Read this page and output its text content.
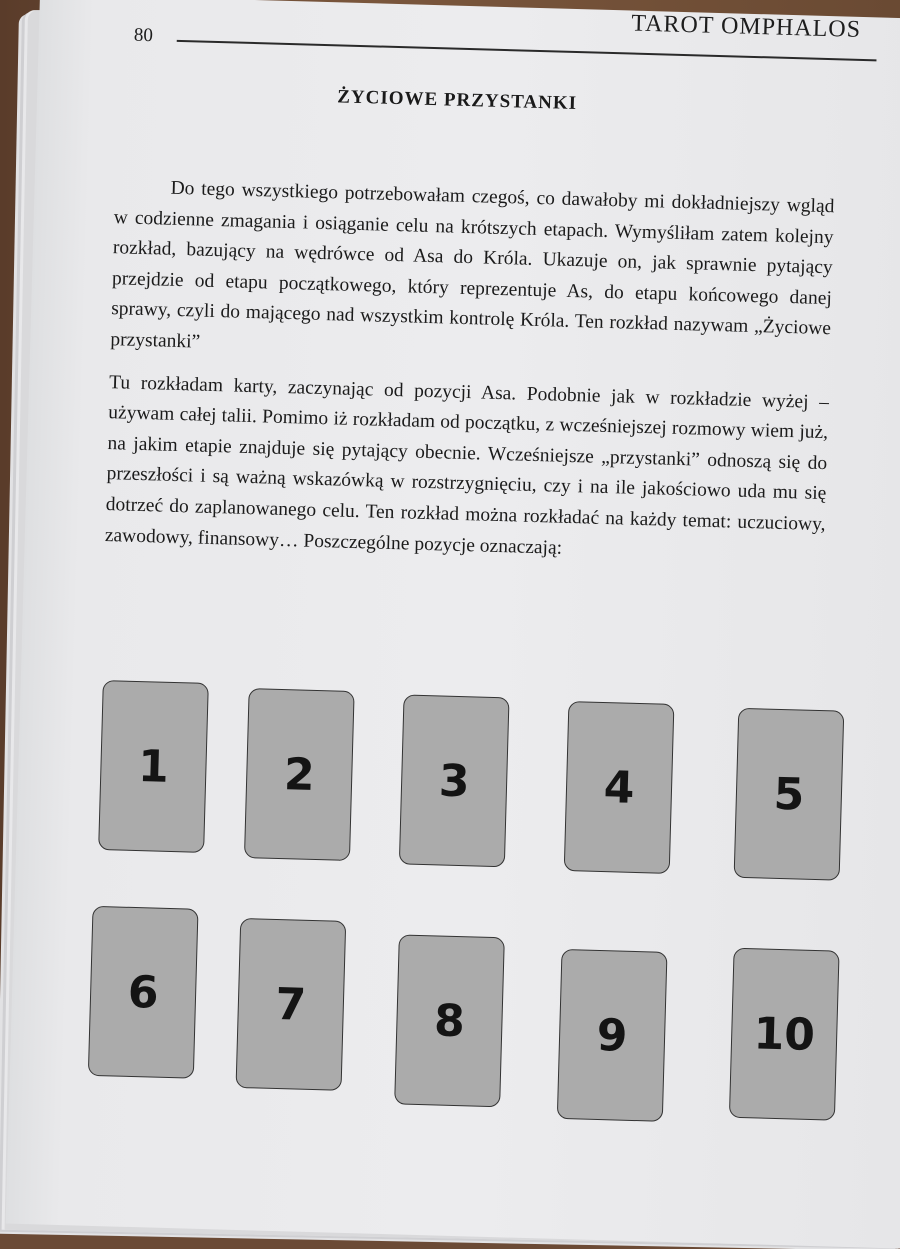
TAROT OMPHALOS
80
ŻYCIOWE PRZYSTANKI

Do tego wszystkiego potrzebowałam czegoś, co dawałoby mi dokładniejszy wgląd w codzienne zmagania i osiąganie celu na krótszych etapach. Wymyśliłam zatem kolejny rozkład, bazujący na wędrówce od Asa do Króla. Ukazuje on, jak sprawnie pytający przejdzie od etapu początkowego, który reprezentuje As, do etapu końcowego danej sprawy, czyli do mającego nad wszystkim kontrolę Króla. Ten rozkład nazywam „Życiowe przystanki”

Tu rozkładam karty, zaczynając od pozycji Asa. Podobnie jak w rozkładzie wyżej – używam całej talii. Pomimo iż rozkładam od początku, z wcześniejszej rozmowy wiem już, na jakim etapie znajduje się pytający obecnie. Wcześniejsze „przystanki” odnoszą się do przeszłości i są ważną wskazówką w rozstrzygnięciu, czy i na ile jakościowo uda mu się dotrzeć do zaplanowanego celu. Ten rozkład można rozkładać na każdy temat: uczuciowy, zawodowy, finansowy… Poszczególne pozycje oznaczają:

1	2	3	4	5
6	7	8	9	10
